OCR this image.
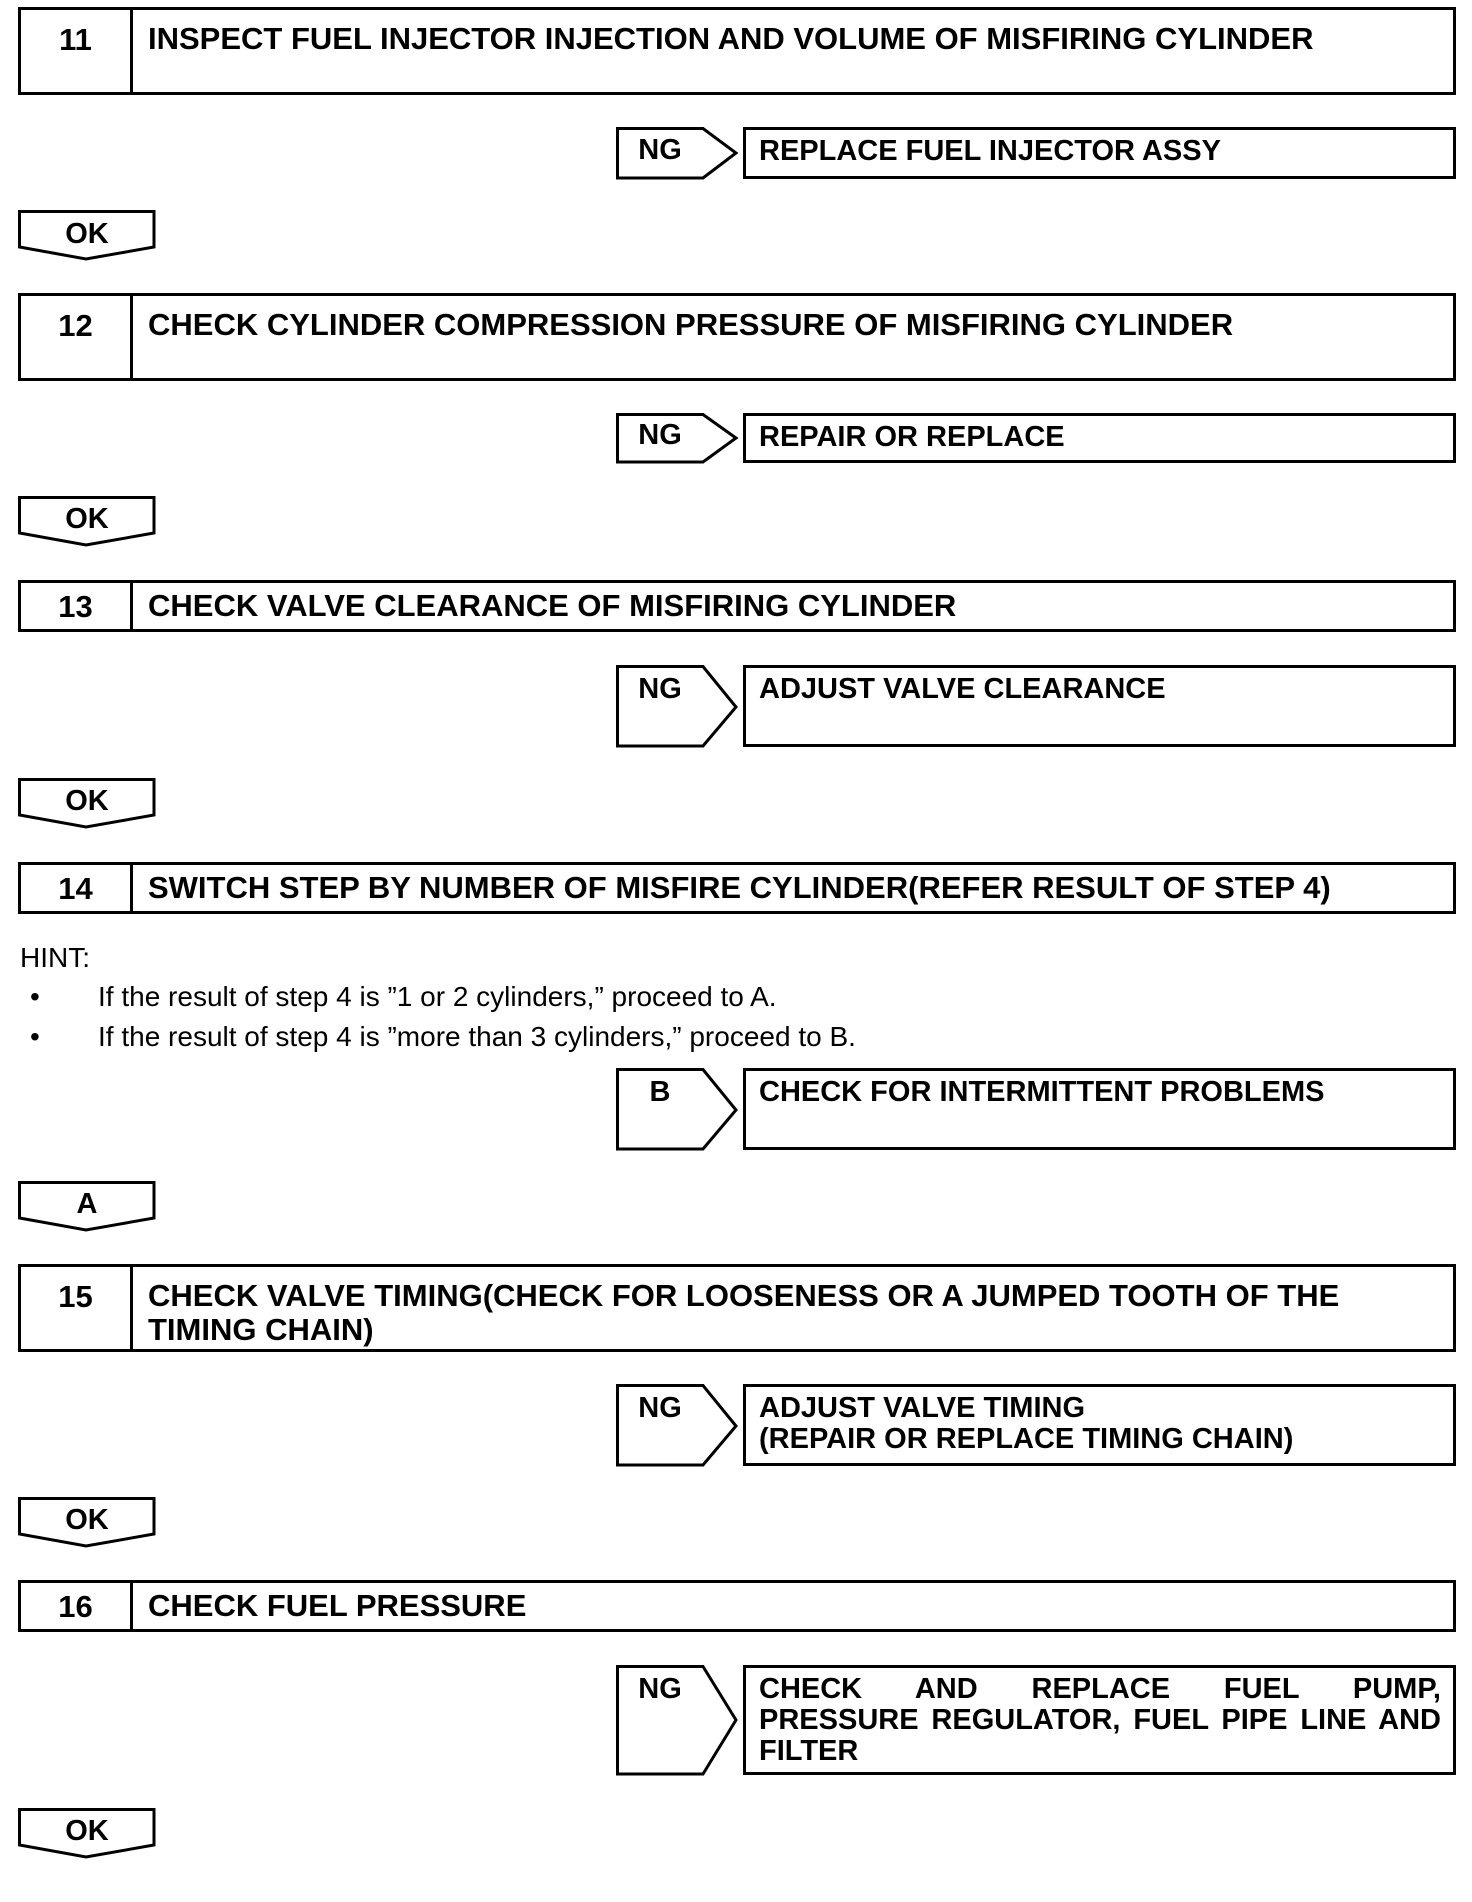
11	INSPECT FUEL INJECTOR INJECTION AND VOLUME OF MISFIRING CYLINDER
NG	REPLACE FUEL INJECTOR ASSY
OK
12	CHECK CYLINDER COMPRESSION PRESSURE OF MISFIRING CYLINDER
NG	REPAIR OR REPLACE
OK
13	CHECK VALVE CLEARANCE OF MISFIRING CYLINDER
NG	ADJUST VALVE CLEARANCE
OK
14	SWITCH STEP BY NUMBER OF MISFIRE CYLINDER(REFER RESULT OF STEP 4)
HINT:
• If the result of step 4 is ”1 or 2 cylinders,” proceed to A.
• If the result of step 4 is ”more than 3 cylinders,” proceed to B.
B	CHECK FOR INTERMITTENT PROBLEMS
A
15	CHECK VALVE TIMING(CHECK FOR LOOSENESS OR A JUMPED TOOTH OF THE
TIMING CHAIN)
NG	ADJUST VALVE TIMING
(REPAIR OR REPLACE TIMING CHAIN)
OK
16	CHECK FUEL PRESSURE
NG	CHECK AND REPLACE FUEL PUMP,
PRESSURE REGULATOR, FUEL PIPE LINE AND
FILTER
OK
